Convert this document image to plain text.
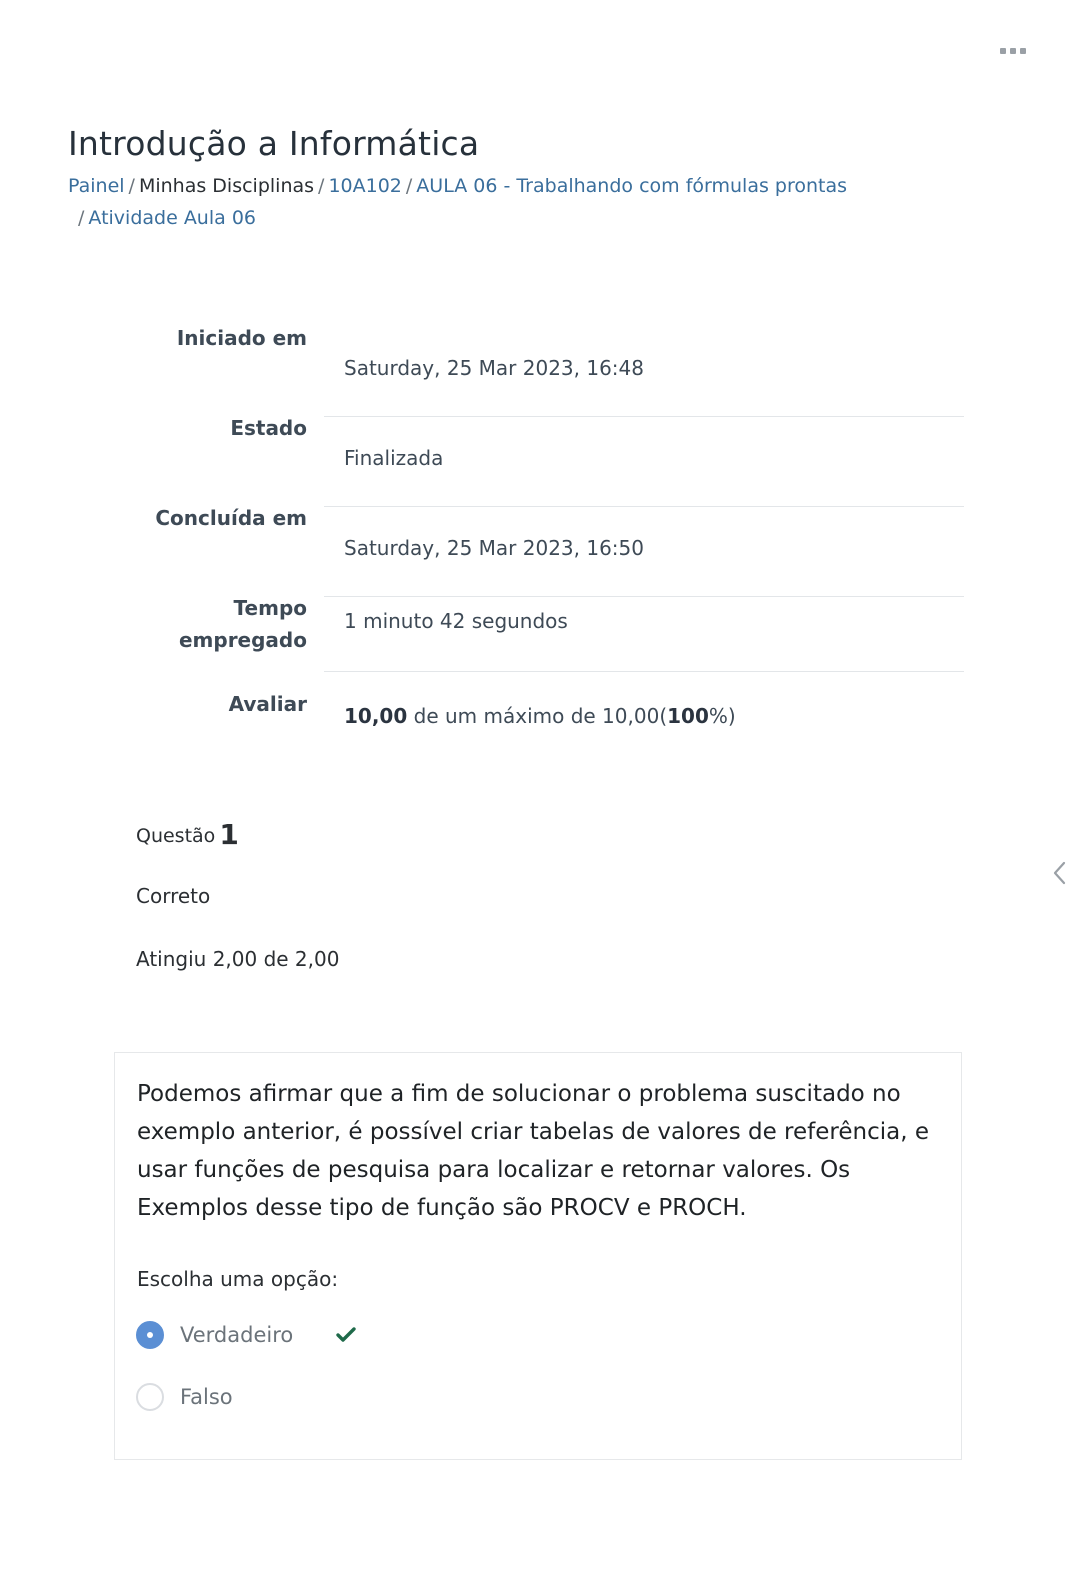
Introdução a Informática
Painel / Minhas Disciplinas / 10A102 / AULA 06 - Trabalhando com fórmulas prontas
/ Atividade Aula 06
Iniciado em
Saturday, 25 Mar 2023, 16:48
Estado
Finalizada
Concluída em
Saturday, 25 Mar 2023, 16:50
Tempo
empregado
1 minuto 42 segundos
Avaliar 10,00 de um máximo de 10,00(100%)
Questão 1
Correto
Atingiu 2,00 de 2,00

Podemos afirmar que a fim de solucionar o problema suscitado no exemplo anterior, é possível criar tabelas de valores de referência, e usar funções de pesquisa para localizar e retornar valores. Os Exemplos desse tipo de função são PROCV e PROCH.

Escolha uma opção:
Verdadeiro
Falso
